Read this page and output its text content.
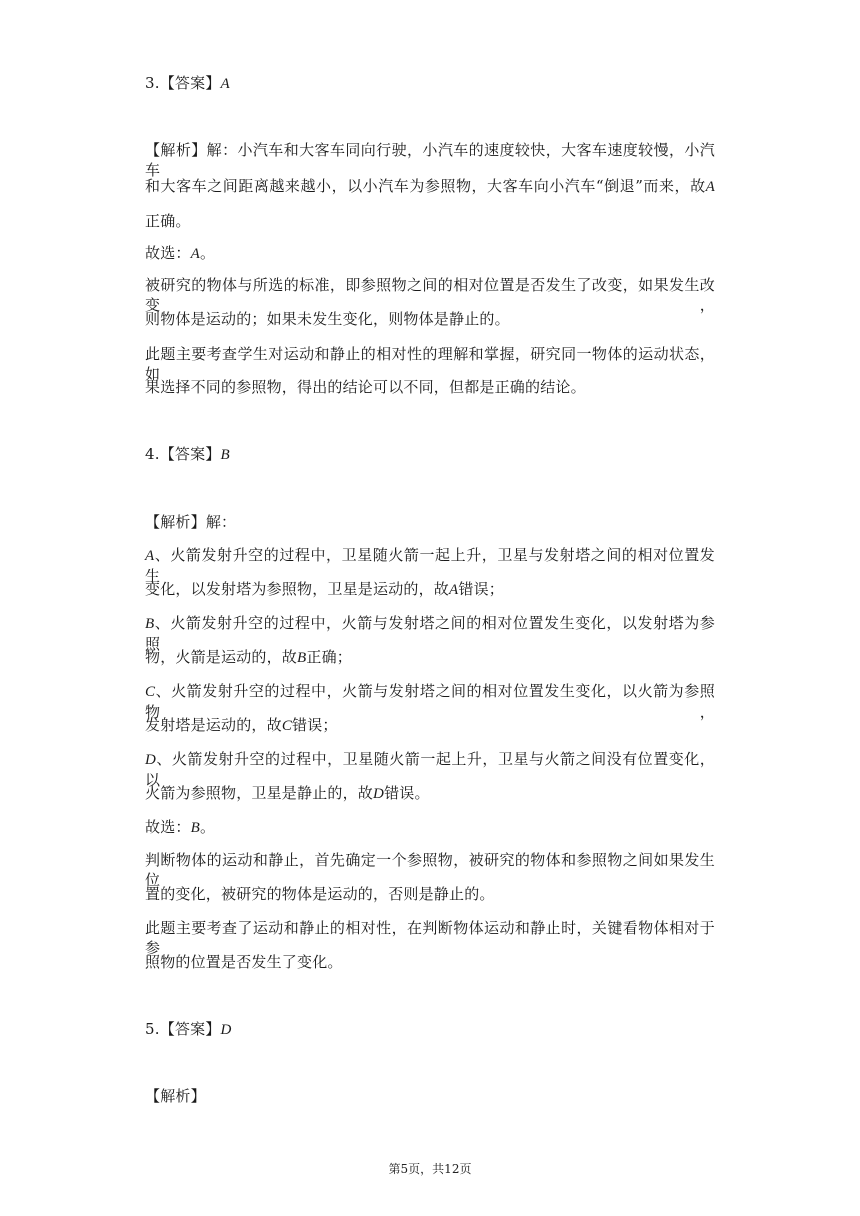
3.【答案】A
【解析】解：小汽车和大客车同向行驶，小汽车的速度较快，大客车速度较慢，小汽车
和大客车之间距离越来越小，以小汽车为参照物，大客车向小汽车“倒退”而来，故A
正确。
故选：A。
被研究的物体与所选的标准，即参照物之间的相对位置是否发生了改变，如果发生改变，
则物体是运动的；如果未发生变化，则物体是静止的。
此题主要考查学生对运动和静止的相对性的理解和掌握，研究同一物体的运动状态，如
果选择不同的参照物，得出的结论可以不同，但都是正确的结论。
4.【答案】B
【解析】解：
A、火箭发射升空的过程中，卫星随火箭一起上升，卫星与发射塔之间的相对位置发生
变化，以发射塔为参照物，卫星是运动的，故A错误；
B、火箭发射升空的过程中，火箭与发射塔之间的相对位置发生变化，以发射塔为参照
物，火箭是运动的，故B正确；
C、火箭发射升空的过程中，火箭与发射塔之间的相对位置发生变化，以火箭为参照物，
发射塔是运动的，故C错误；
D、火箭发射升空的过程中，卫星随火箭一起上升，卫星与火箭之间没有位置变化，以
火箭为参照物，卫星是静止的，故D错误。
故选：B。
判断物体的运动和静止，首先确定一个参照物，被研究的物体和参照物之间如果发生位
置的变化，被研究的物体是运动的，否则是静止的。
此题主要考查了运动和静止的相对性，在判断物体运动和静止时，关键看物体相对于参
照物的位置是否发生了变化。
5.【答案】D
【解析】
第5页，共12页
